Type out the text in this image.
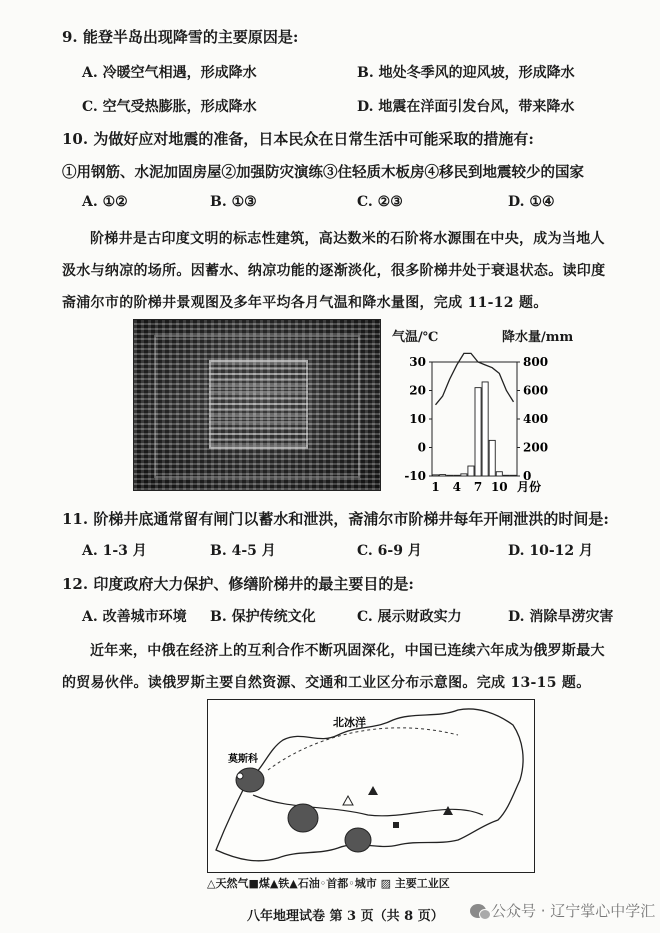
9. 能登半岛出现降雪的主要原因是:
A. 冷暖空气相遇，形成降水	B. 地处冬季风的迎风坡，形成降水
C. 空气受热膨胀，形成降水	D. 地震在洋面引发台风，带来降水
10. 为做好应对地震的准备，日本民众在日常生活中可能采取的措施有:
①用钢筋、水泥加固房屋②加强防灾演练③住轻质木板房④移民到地震较少的国家
A. ①②	B. ①③	C. ②③	D. ①④
阶梯井是古印度文明的标志性建筑，高达数米的石阶将水源围在中央，成为当地人
汲水与纳凉的场所。因蓄水、纳凉功能的逐渐淡化，很多阶梯井处于衰退状态。读印度
斋浦尔市的阶梯井景观图及多年平均各月气温和降水量图，完成 11-12 题。
气温/℃	降水量/mm
30
20
10
0
-10
800
600
400
200
0
1 4 7 10 月份
11. 阶梯井底通常留有闸门以蓄水和泄洪，斋浦尔市阶梯井每年开闸泄洪的时间是:
A. 1-3 月	B. 4-5 月	C. 6-9 月	D. 10-12 月
12. 印度政府大力保护、修缮阶梯井的最主要目的是:
A. 改善城市环境 B. 保护传统文化	C. 展示财政实力	D. 消除旱涝灾害
近年来，中俄在经济上的互利合作不断巩固深化，中国已连续六年成为俄罗斯最大
的贸易伙伴。读俄罗斯主要自然资源、交通和工业区分布示意图。完成 13-15 题。
北冰洋
莫斯科
△天然气■煤▲铁▲石油◦首都◦城市 ▨ 主要工业区
八年地理试卷 第 3 页（共 8 页）	公众号 · 辽宁掌心中学汇
